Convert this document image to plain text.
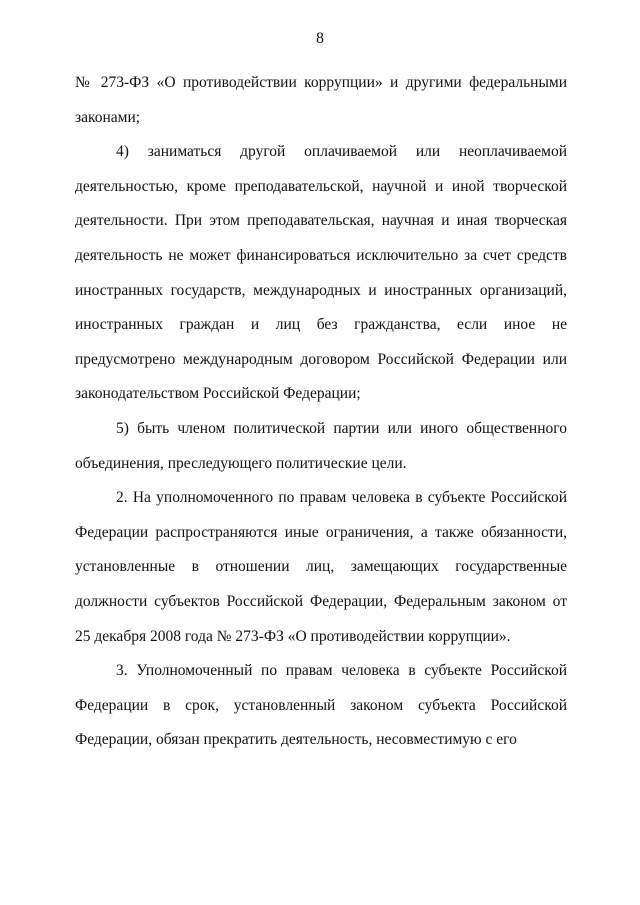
8

№ 273-ФЗ «О противодействии коррупции» и другими федеральными законами;

4) заниматься другой оплачиваемой или неоплачиваемой деятельностью, кроме преподавательской, научной и иной творческой деятельности. При этом преподавательская, научная и иная творческая деятельность не может финансироваться исключительно за счет средств иностранных государств, международных и иностранных организаций, иностранных граждан и лиц без гражданства, если иное не предусмотрено международным договором Российской Федерации или законодательством Российской Федерации;

5) быть членом политической партии или иного общественного объединения, преследующего политические цели.

2. На уполномоченного по правам человека в субъекте Российской Федерации распространяются иные ограничения, а также обязанности, установленные в отношении лиц, замещающих государственные должности субъектов Российской Федерации, Федеральным законом от 25 декабря 2008 года № 273-ФЗ «О противодействии коррупции».

3. Уполномоченный по правам человека в субъекте Российской Федерации в срок, установленный законом субъекта Российской Федерации, обязан прекратить деятельность, несовместимую с его
